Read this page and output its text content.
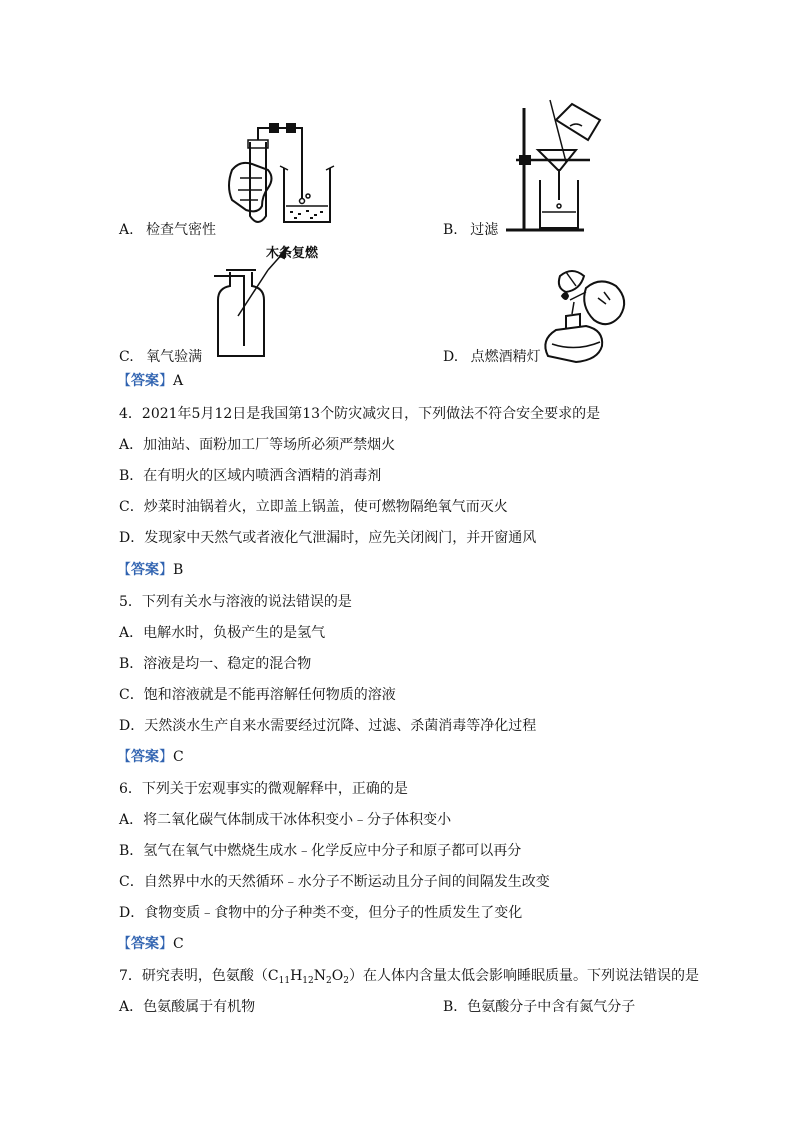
木条复燃
A. 检查气密性	B. 过滤
C. 氧气验满	D. 点燃酒精灯
【答案】A
4．2021年5月12日是我国第13个防灾减灾日，下列做法不符合安全要求的是
A．加油站、面粉加工厂等场所必须严禁烟火
B．在有明火的区域内喷洒含酒精的消毒剂
C．炒菜时油锅着火，立即盖上锅盖，使可燃物隔绝氧气而灭火
D．发现家中天然气或者液化气泄漏时，应先关闭阀门，并开窗通风
【答案】B
5．下列有关水与溶液的说法错误的是
A．电解水时，负极产生的是氢气
B．溶液是均一、稳定的混合物
C．饱和溶液就是不能再溶解任何物质的溶液
D．天然淡水生产自来水需要经过沉降、过滤、杀菌消毒等净化过程
【答案】C
6．下列关于宏观事实的微观解释中，正确的是
A．将二氧化碳气体制成干冰体积变小﹣分子体积变小
B．氢气在氧气中燃烧生成水﹣化学反应中分子和原子都可以再分
C．自然界中水的天然循环﹣水分子不断运动且分子间的间隔发生改变
D．食物变质﹣食物中的分子种类不变，但分子的性质发生了变化
【答案】C
7．研究表明，色氨酸$(C_{11}H_{12}N_2O_2)$在人体内含量太低会影响睡眠质量。下列说法错误的是
A．色氨酸属于有机物	B．色氨酸分子中含有氮气分子
